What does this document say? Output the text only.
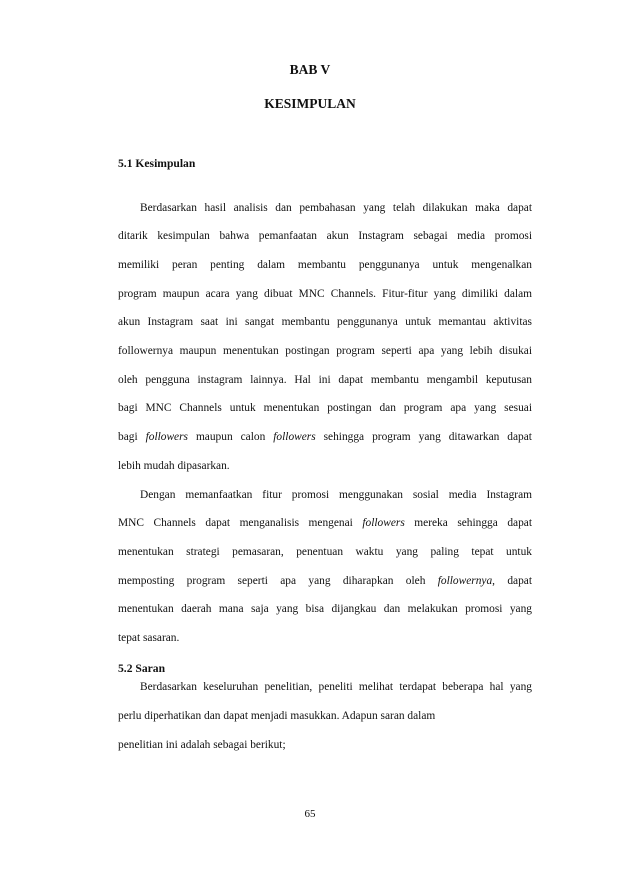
BAB V
KESIMPULAN
5.1 Kesimpulan
Berdasarkan hasil analisis dan pembahasan yang telah dilakukan maka dapat
ditarik kesimpulan bahwa pemanfaatan akun Instagram sebagai media promosi
memiliki peran penting dalam membantu penggunanya untuk mengenalkan
program maupun acara yang dibuat MNC Channels. Fitur-fitur yang dimiliki dalam
akun Instagram saat ini sangat membantu penggunanya untuk memantau aktivitas
followernya maupun menentukan postingan program seperti apa yang lebih disukai
oleh pengguna instagram lainnya. Hal ini dapat membantu mengambil keputusan
bagi MNC Channels untuk menentukan postingan dan program apa yang sesuai
bagi followers maupun calon followers sehingga program yang ditawarkan dapat
lebih mudah dipasarkan.
Dengan memanfaatkan fitur promosi menggunakan sosial media Instagram
MNC Channels dapat menganalisis mengenai followers mereka sehingga dapat
menentukan strategi pemasaran, penentuan waktu yang paling tepat untuk
memposting program seperti apa yang diharapkan oleh followernya, dapat
menentukan daerah mana saja yang bisa dijangkau dan melakukan promosi yang
tepat sasaran.
5.2 Saran
Berdasarkan keseluruhan penelitian, peneliti melihat terdapat beberapa hal yang
perlu diperhatikan dan dapat menjadi masukkan. Adapun saran dalam
penelitian ini adalah sebagai berikut;
65
